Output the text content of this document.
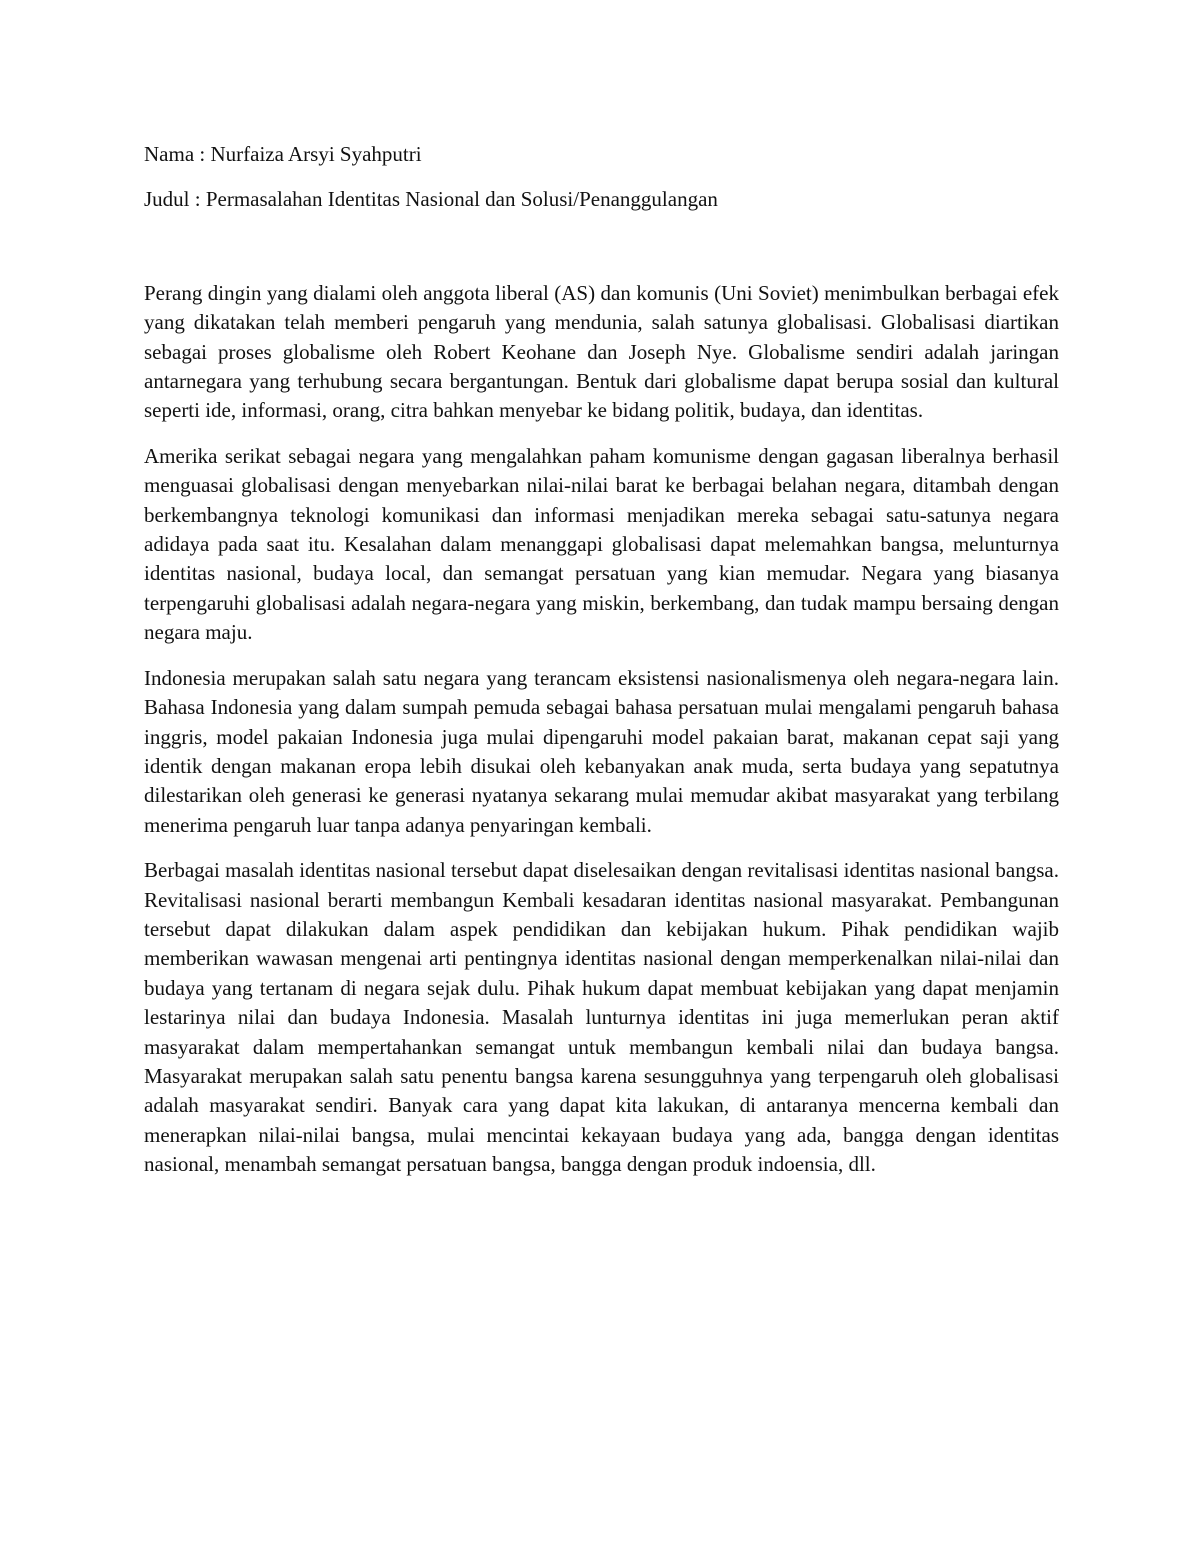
Nama : Nurfaiza Arsyi Syahputri

Judul : Permasalahan Identitas Nasional dan Solusi/Penanggulangan

Perang dingin yang dialami oleh anggota liberal (AS) dan komunis (Uni Soviet) menimbulkan berbagai efek yang dikatakan telah memberi pengaruh yang mendunia, salah satunya globalisasi. Globalisasi diartikan sebagai proses globalisme oleh Robert Keohane dan Joseph Nye. Globalisme sendiri adalah jaringan antarnegara yang terhubung secara bergantungan. Bentuk dari globalisme dapat berupa sosial dan kultural seperti ide, informasi, orang, citra bahkan menyebar ke bidang politik, budaya, dan identitas.

Amerika serikat sebagai negara yang mengalahkan paham komunisme dengan gagasan liberalnya berhasil menguasai globalisasi dengan menyebarkan nilai-nilai barat ke berbagai belahan negara, ditambah dengan berkembangnya teknologi komunikasi dan informasi menjadikan mereka sebagai satu-satunya negara adidaya pada saat itu. Kesalahan dalam menanggapi globalisasi dapat melemahkan bangsa, melunturnya identitas nasional, budaya local, dan semangat persatuan yang kian memudar. Negara yang biasanya terpengaruhi globalisasi adalah negara-negara yang miskin, berkembang, dan tudak mampu bersaing dengan negara maju.

Indonesia merupakan salah satu negara yang terancam eksistensi nasionalismenya oleh negara-negara lain. Bahasa Indonesia yang dalam sumpah pemuda sebagai bahasa persatuan mulai mengalami pengaruh bahasa inggris, model pakaian Indonesia juga mulai dipengaruhi model pakaian barat, makanan cepat saji yang identik dengan makanan eropa lebih disukai oleh kebanyakan anak muda, serta budaya yang sepatutnya dilestarikan oleh generasi ke generasi nyatanya sekarang mulai memudar akibat masyarakat yang terbilang menerima pengaruh luar tanpa adanya penyaringan kembali.

Berbagai masalah identitas nasional tersebut dapat diselesaikan dengan revitalisasi identitas nasional bangsa. Revitalisasi nasional berarti membangun Kembali kesadaran identitas nasional masyarakat. Pembangunan tersebut dapat dilakukan dalam aspek pendidikan dan kebijakan hukum. Pihak pendidikan wajib memberikan wawasan mengenai arti pentingnya identitas nasional dengan memperkenalkan nilai-nilai dan budaya yang tertanam di negara sejak dulu. Pihak hukum dapat membuat kebijakan yang dapat menjamin lestarinya nilai dan budaya Indonesia. Masalah lunturnya identitas ini juga memerlukan peran aktif masyarakat dalam mempertahankan semangat untuk membangun kembali nilai dan budaya bangsa. Masyarakat merupakan salah satu penentu bangsa karena sesungguhnya yang terpengaruh oleh globalisasi adalah masyarakat sendiri. Banyak cara yang dapat kita lakukan, di antaranya mencerna kembali dan menerapkan nilai-nilai bangsa, mulai mencintai kekayaan budaya yang ada, bangga dengan identitas nasional, menambah semangat persatuan bangsa, bangga dengan produk indoensia, dll.
